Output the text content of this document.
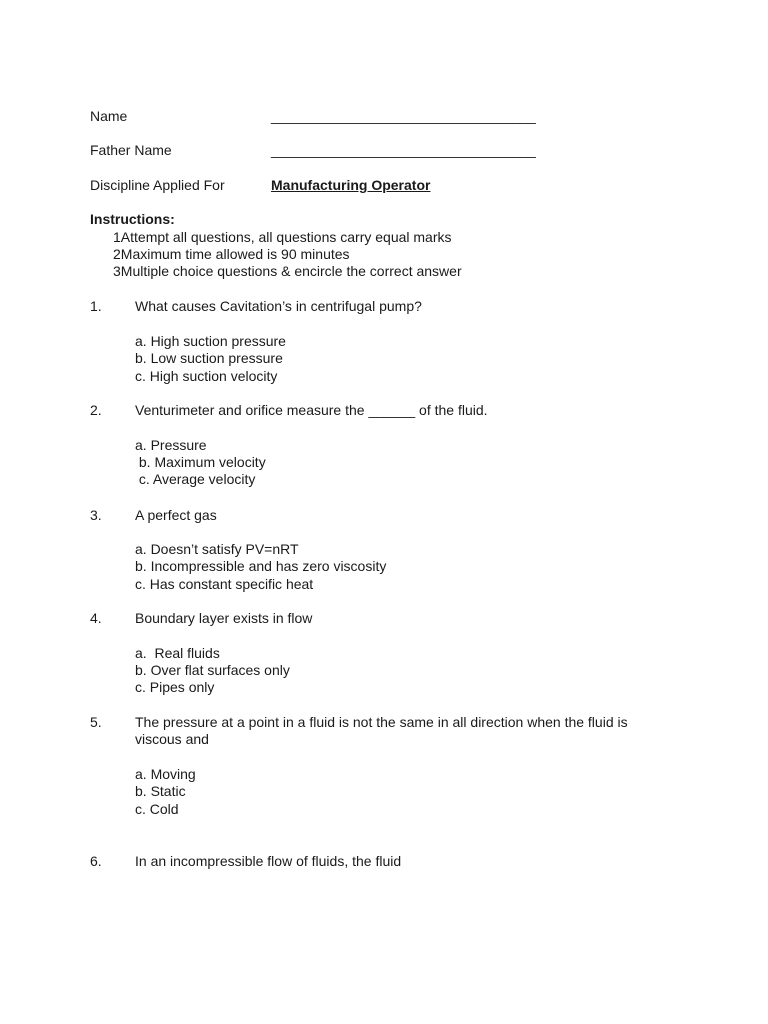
Name	__________________________________
Father Name	__________________________________
Discipline Applied For	Manufacturing Operator
Instructions:
1Attempt all questions, all questions carry equal marks
2Maximum time allowed is 90 minutes
3Multiple choice questions & encircle the correct answer
1. What causes Cavitation’s in centrifugal pump?
a. High suction pressure
b. Low suction pressure
c. High suction velocity
2. Venturimeter and orifice measure the ______ of the fluid.
a. Pressure
b. Maximum velocity
c. Average velocity
3. A perfect gas
a. Doesn’t satisfy PV=nRT
b. Incompressible and has zero viscosity
c. Has constant specific heat
4. Boundary layer exists in flow
a.  Real fluids
b. Over flat surfaces only
c. Pipes only
5. The pressure at a point in a fluid is not the same in all direction when the fluid is viscous and
a. Moving
b. Static
c. Cold
6. In an incompressible flow of fluids, the fluid
